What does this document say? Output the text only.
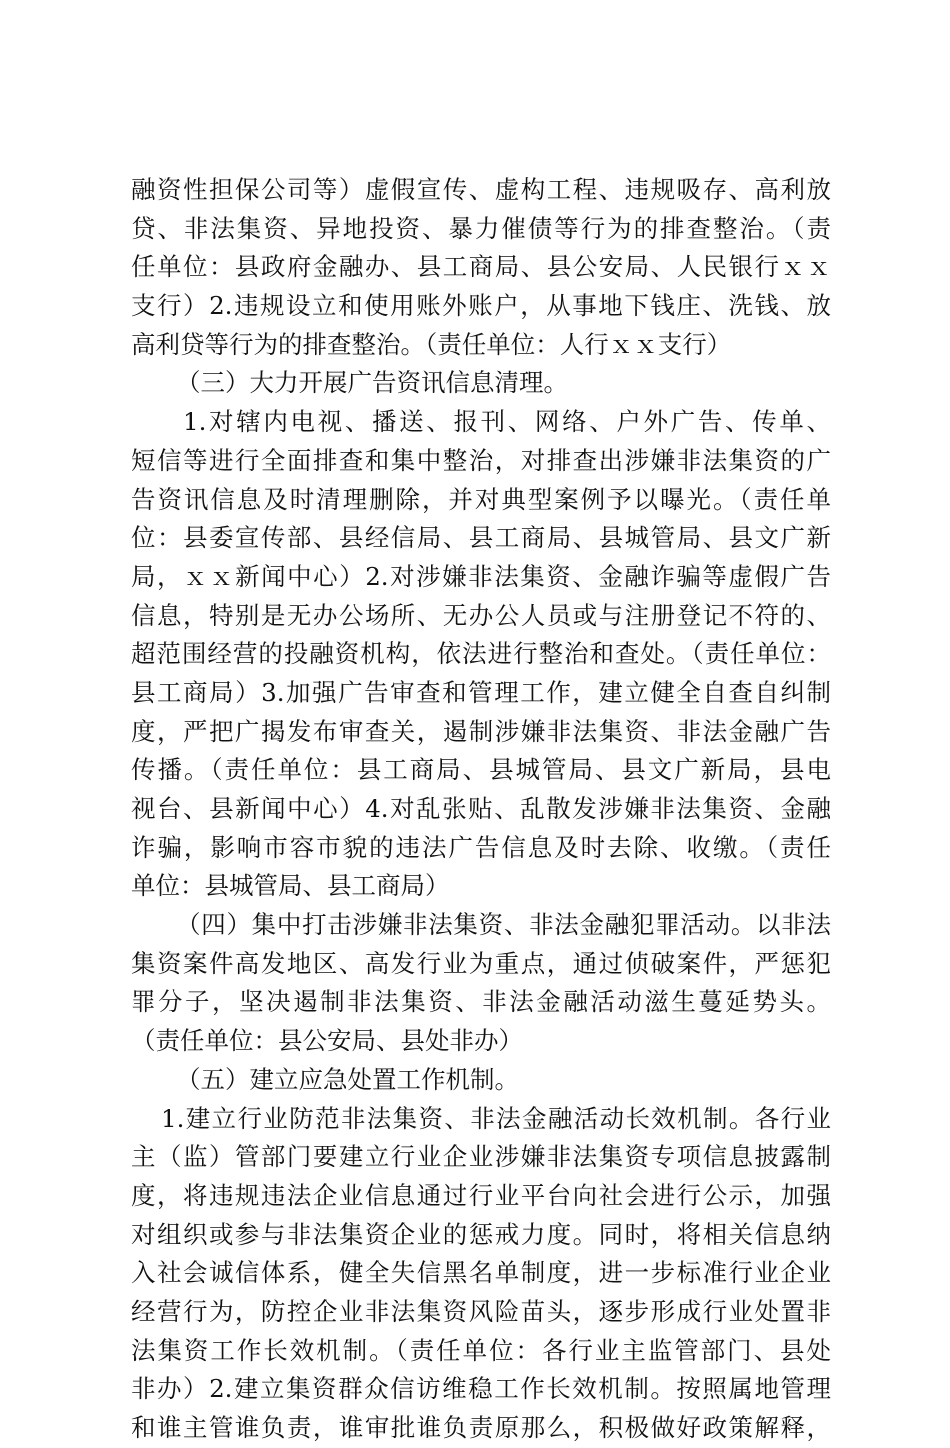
融资性担保公司等）虚假宣传、虚构工程、违规吸存、高利放
贷、非法集资、异地投资、暴力催债等行为的排查整治。（责
任单位：县政府金融办、县工商局、县公安局、人民银行ｘｘ
支行）2.违规设立和使用账外账户，从事地下钱庄、洗钱、放
高利贷等行为的排查整治。（责任单位：人行ｘｘ支行）
（三）大力开展广告资讯信息清理。
1.对辖内电视、播送、报刊、网络、户外广告、传单、
短信等进行全面排查和集中整治，对排查出涉嫌非法集资的广
告资讯信息及时清理删除，并对典型案例予以曝光。（责任单
位：县委宣传部、县经信局、县工商局、县城管局、县文广新
局，ｘｘ新闻中心）2.对涉嫌非法集资、金融诈骗等虚假广告
信息，特别是无办公场所、无办公人员或与注册登记不符的、
超范围经营的投融资机构，依法进行整治和查处。（责任单位：
县工商局）3.加强广告审查和管理工作，建立健全自查自纠制
度，严把广揭发布审查关，遏制涉嫌非法集资、非法金融广告
传播。（责任单位：县工商局、县城管局、县文广新局，县电
视台、县新闻中心）4.对乱张贴、乱散发涉嫌非法集资、金融
诈骗，影响市容市貌的违法广告信息及时去除、收缴。（责任
单位：县城管局、县工商局）
（四）集中打击涉嫌非法集资、非法金融犯罪活动。以非法
集资案件高发地区、高发行业为重点，通过侦破案件，严惩犯
罪分子，坚决遏制非法集资、非法金融活动滋生蔓延势头。
（责任单位：县公安局、县处非办）
（五）建立应急处置工作机制。
1.建立行业防范非法集资、非法金融活动长效机制。各行业
主（监）管部门要建立行业企业涉嫌非法集资专项信息披露制
度，将违规违法企业信息通过行业平台向社会进行公示，加强
对组织或参与非法集资企业的惩戒力度。同时，将相关信息纳
入社会诚信体系，健全失信黑名单制度，进一步标准行业企业
经营行为，防控企业非法集资风险苗头，逐步形成行业处置非
法集资工作长效机制。（责任单位：各行业主监管部门、县处
非办）2.建立集资群众信访维稳工作长效机制。按照属地管理
和谁主管谁负责，谁审批谁负责原那么，积极做好政策解释，
